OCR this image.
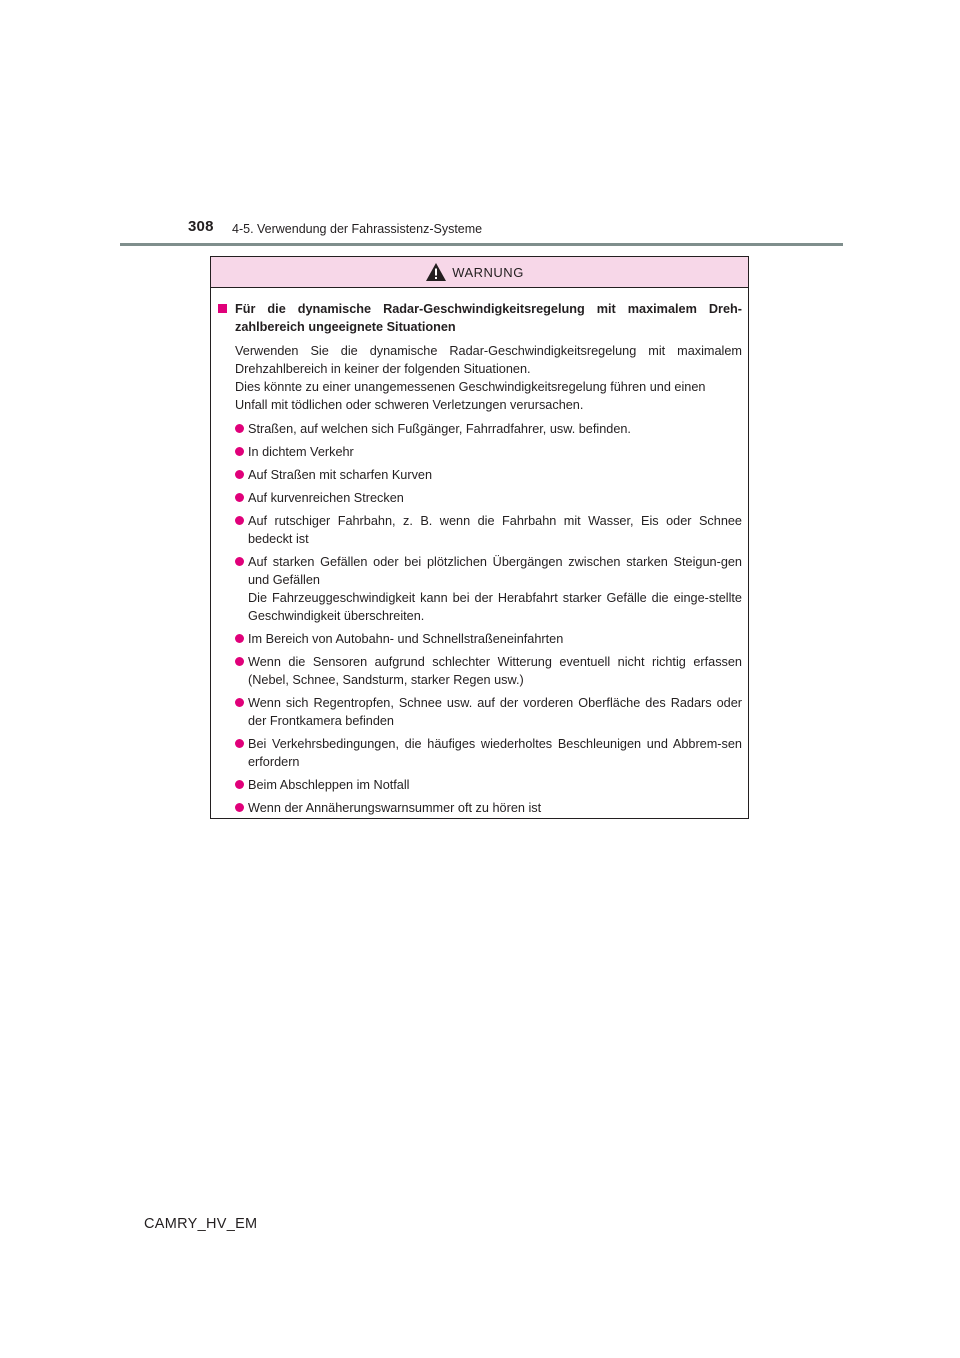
308 4-5. Verwendung der Fahrassistenz-Systeme
WARNUNG
Für die dynamische Radar-Geschwindigkeitsregelung mit maximalem Dreh-zahlbereich ungeeignete Situationen
Verwenden Sie die dynamische Radar-Geschwindigkeitsregelung mit maximalem
Drehzahlbereich in keiner der folgenden Situationen.
Dies könnte zu einer unangemessenen Geschwindigkeitsregelung führen und einen
Unfall mit tödlichen oder schweren Verletzungen verursachen.
Straßen, auf welchen sich Fußgänger, Fahrradfahrer, usw. befinden.
In dichtem Verkehr
Auf Straßen mit scharfen Kurven
Auf kurvenreichen Strecken
Auf rutschiger Fahrbahn, z. B. wenn die Fahrbahn mit Wasser, Eis oder Schnee bedeckt ist
Auf starken Gefällen oder bei plötzlichen Übergängen zwischen starken Steigun-gen und Gefällen
Die Fahrzeuggeschwindigkeit kann bei der Herabfahrt starker Gefälle die einge-stellte Geschwindigkeit überschreiten.
Im Bereich von Autobahn- und Schnellstraßeneinfahrten
Wenn die Sensoren aufgrund schlechter Witterung eventuell nicht richtig erfassen (Nebel, Schnee, Sandsturm, starker Regen usw.)
Wenn sich Regentropfen, Schnee usw. auf der vorderen Oberfläche des Radars oder der Frontkamera befinden
Bei Verkehrsbedingungen, die häufiges wiederholtes Beschleunigen und Abbrem-sen erfordern
Beim Abschleppen im Notfall
Wenn der Annäherungswarnsummer oft zu hören ist
CAMRY_HV_EM
